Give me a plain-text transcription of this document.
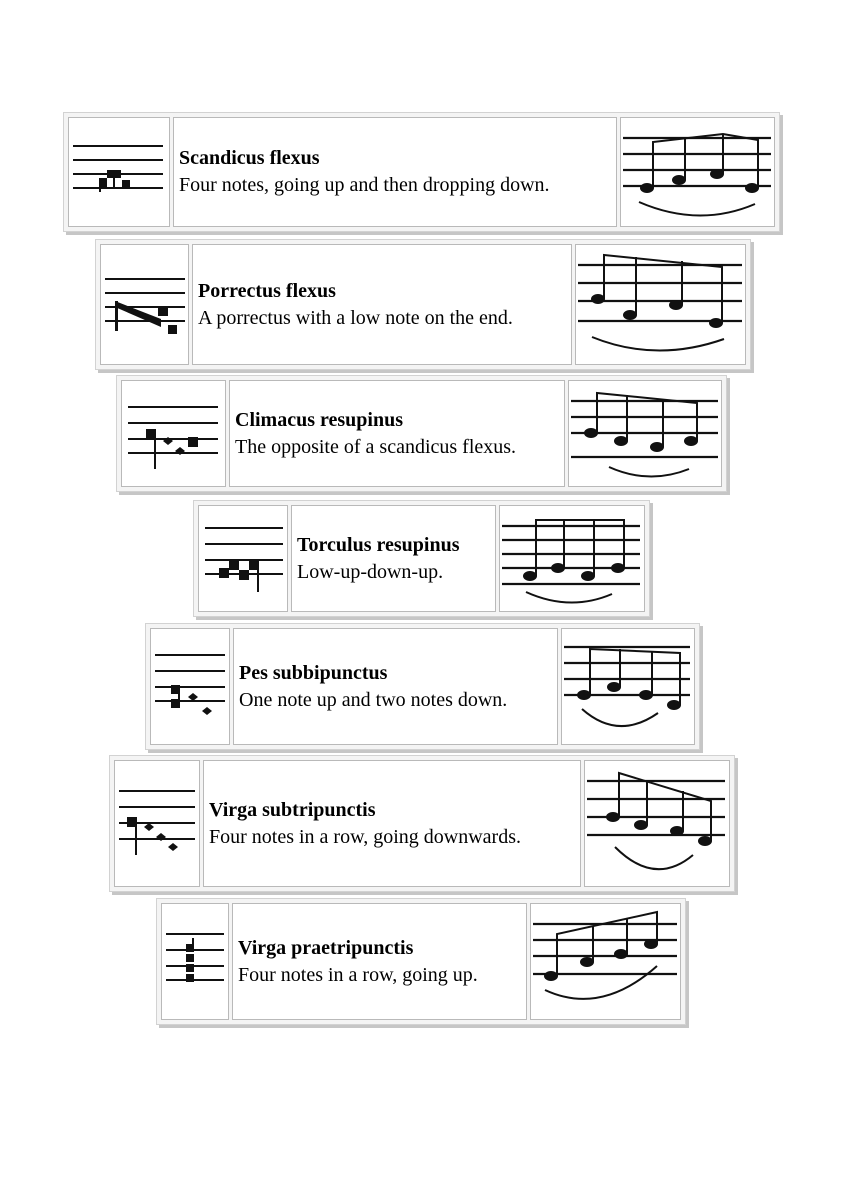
Scandicus flexus
Four notes, going up and then dropping down.
Porrectus flexus
A porrectus with a low note on the end.
Climacus resupinus
The opposite of a scandicus flexus.
Torculus resupinus
Low-up-down-up.
Pes subbipunctus
One note up and two notes down.
Virga subtripunctis
Four notes in a row, going downwards.
Virga praetripunctis
Four notes in a row, going up.
